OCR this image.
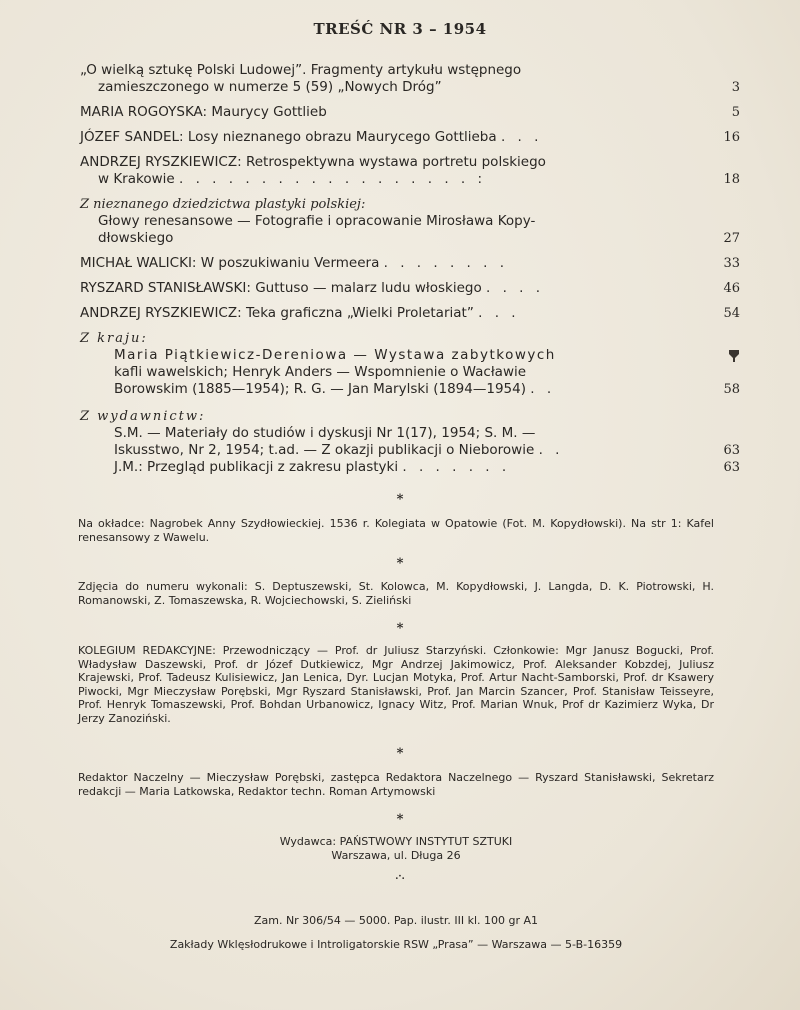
TREŚĆ NR 3 – 1954
„O wielką sztukę Polski Ludowej”. Fragmenty artykułu wstępnego
zamieszczonego w numerze 5 (59) „Nowych Dróg”	3
MARIA ROGOYSKA: Maurycy Gottlieb	5
JÓZEF SANDEL: Losy nieznanego obrazu Maurycego Gottlieba . . .	16
ANDRZEJ RYSZKIEWICZ: Retrospektywna wystawa portretu polskiego
w Krakowie . . . . . . . . . . . . . . . . . . :	18
Z nieznanego dziedzictwa plastyki polskiej:
Głowy renesansowe — Fotografie i opracowanie Mirosława Kopy-
dłowskiego	27
MICHAŁ WALICKI: W poszukiwaniu Vermeera . . . . . . . .	33
RYSZARD STANISŁAWSKI: Guttuso — malarz ludu włoskiego . . . .	46
ANDRZEJ RYSZKIEWICZ: Teka graficzna „Wielki Proletariat” . . .	54
Z kraju:
Maria Piątkiewicz-Dereniowa — Wystawa zabytkowych
kafli wawelskich; Henryk Anders — Wspomnienie o Wacławie
Borowskim (1885—1954); R. G. — Jan Marylski (1894—1954) . .	58
Z wydawnictw:
S.M. — Materiały do studiów i dyskusji Nr 1(17), 1954; S. M. —
Iskusstwo, Nr 2, 1954; t.ad. — Z okazji publikacji o Nieborowie . .	63
J.M.: Przegląd publikacji z zakresu plastyki . . . . . . .	63
*
Na okładce: Nagrobek Anny Szydłowieckiej. 1536 r. Kolegiata w Opatowie (Fot. M. Kopydłowski). Na str 1: Kafel renesansowy z Wawelu.
*
Zdjęcia do numeru wykonali: S. Deptuszewski, St. Kolowca, M. Kopydłowski, J. Langda, D. K. Piotrowski, H. Romanowski, Z. Tomaszewska, R. Wojciechowski, S. Zieliński
*
KOLEGIUM REDAKCYJNE: Przewodniczący — Prof. dr Juliusz Starzyński. Członkowie: Mgr Janusz Bogucki, Prof. Władysław Daszewski, Prof. dr Józef Dutkiewicz, Mgr Andrzej Jakimowicz, Prof. Aleksander Kobzdej, Juliusz Krajewski, Prof. Tadeusz Kulisiewicz, Jan Lenica, Dyr. Lucjan Motyka, Prof. Artur Nacht-Samborski, Prof. dr Ksawery Piwocki, Mgr Mieczysław Porębski, Mgr Ryszard Stanisławski, Prof. Jan Marcin Szancer, Prof. Stanisław Teisseyre, Prof. Henryk Tomaszewski, Prof. Bohdan Urbanowicz, Ignacy Witz, Prof. Marian Wnuk, Prof dr Kazimierz Wyka, Dr Jerzy Zanoziński.
*
Redaktor Naczelny — Mieczysław Porębski, zastępca Redaktora Naczelnego — Ryszard Stanisławski, Sekretarz redakcji — Maria Latkowska, Redaktor techn. Roman Artymowski
*
Wydawca: PAŃSTWOWY INSTYTUT SZTUKI
Warszawa, ul. Długa 26
.·.
Zam. Nr 306/54 — 5000. Pap. ilustr. III kl. 100 gr A1
Zakłady Wklęsłodrukowe i Introligatorskie RSW „Prasa” — Warszawa — 5-B-16359
